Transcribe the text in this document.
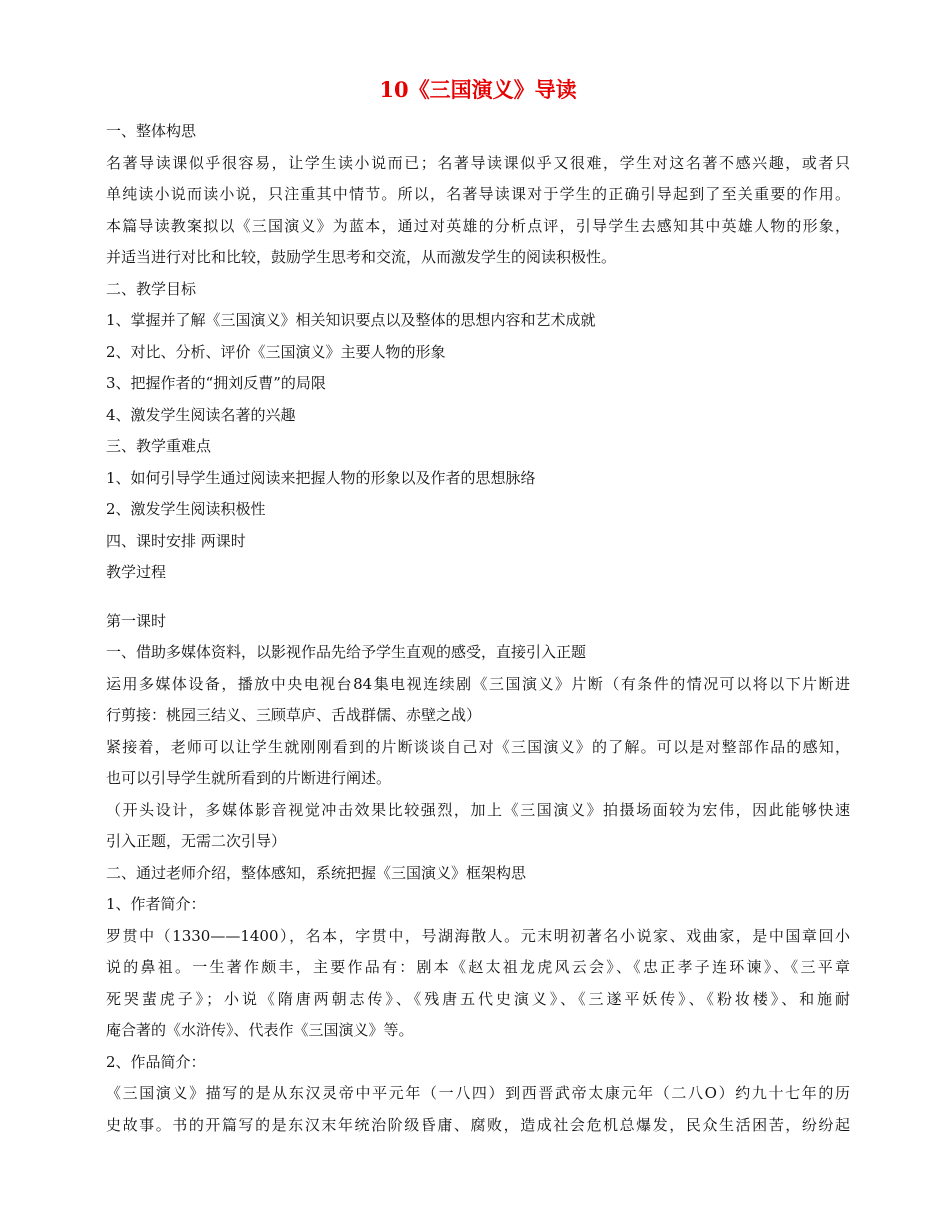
10《三国演义》导读
一、整体构思
名著导读课似乎很容易，让学生读小说而已；名著导读课似乎又很难，学生对这名著不感兴趣，或者只
单纯读小说而读小说，只注重其中情节。所以，名著导读课对于学生的正确引导起到了至关重要的作用。
本篇导读教案拟以《三国演义》为蓝本，通过对英雄的分析点评，引导学生去感知其中英雄人物的形象，
并适当进行对比和比较，鼓励学生思考和交流，从而激发学生的阅读积极性。
二、教学目标
1、掌握并了解《三国演义》相关知识要点以及整体的思想内容和艺术成就
2、对比、分析、评价《三国演义》主要人物的形象
3、把握作者的“拥刘反曹”的局限
4、激发学生阅读名著的兴趣
三、教学重难点
1、如何引导学生通过阅读来把握人物的形象以及作者的思想脉络
2、激发学生阅读积极性
四、课时安排 两课时
教学过程
第一课时
一、借助多媒体资料，以影视作品先给予学生直观的感受，直接引入正题
运用多媒体设备，播放中央电视台84集电视连续剧《三国演义》片断（有条件的情况可以将以下片断进
行剪接：桃园三结义、三顾草庐、舌战群儒、赤壁之战）
紧接着，老师可以让学生就刚刚看到的片断谈谈自己对《三国演义》的了解。可以是对整部作品的感知，
也可以引导学生就所看到的片断进行阐述。
（开头设计，多媒体影音视觉冲击效果比较强烈，加上《三国演义》拍摄场面较为宏伟，因此能够快速
引入正题，无需二次引导）
二、通过老师介绍，整体感知，系统把握《三国演义》框架构思
1、作者简介：
罗贯中（1330——1400），名本，字贯中，号湖海散人。元末明初著名小说家、戏曲家，是中国章回小
说的鼻祖。一生著作颇丰，主要作品有：剧本《赵太祖龙虎风云会》、《忠正孝子连环谏》、《三平章
死哭蜚虎子》；小说《隋唐两朝志传》、《残唐五代史演义》、《三遂平妖传》、《粉妆楼》、和施耐
庵合著的《水浒传》、代表作《三国演义》等。
2、作品简介：
《三国演义》描写的是从东汉灵帝中平元年（一八四）到西晋武帝太康元年（二八O）约九十七年的历
史故事。书的开篇写的是东汉末年统治阶级昏庸、腐败，造成社会危机总爆发，民众生活困苦，纷纷起
